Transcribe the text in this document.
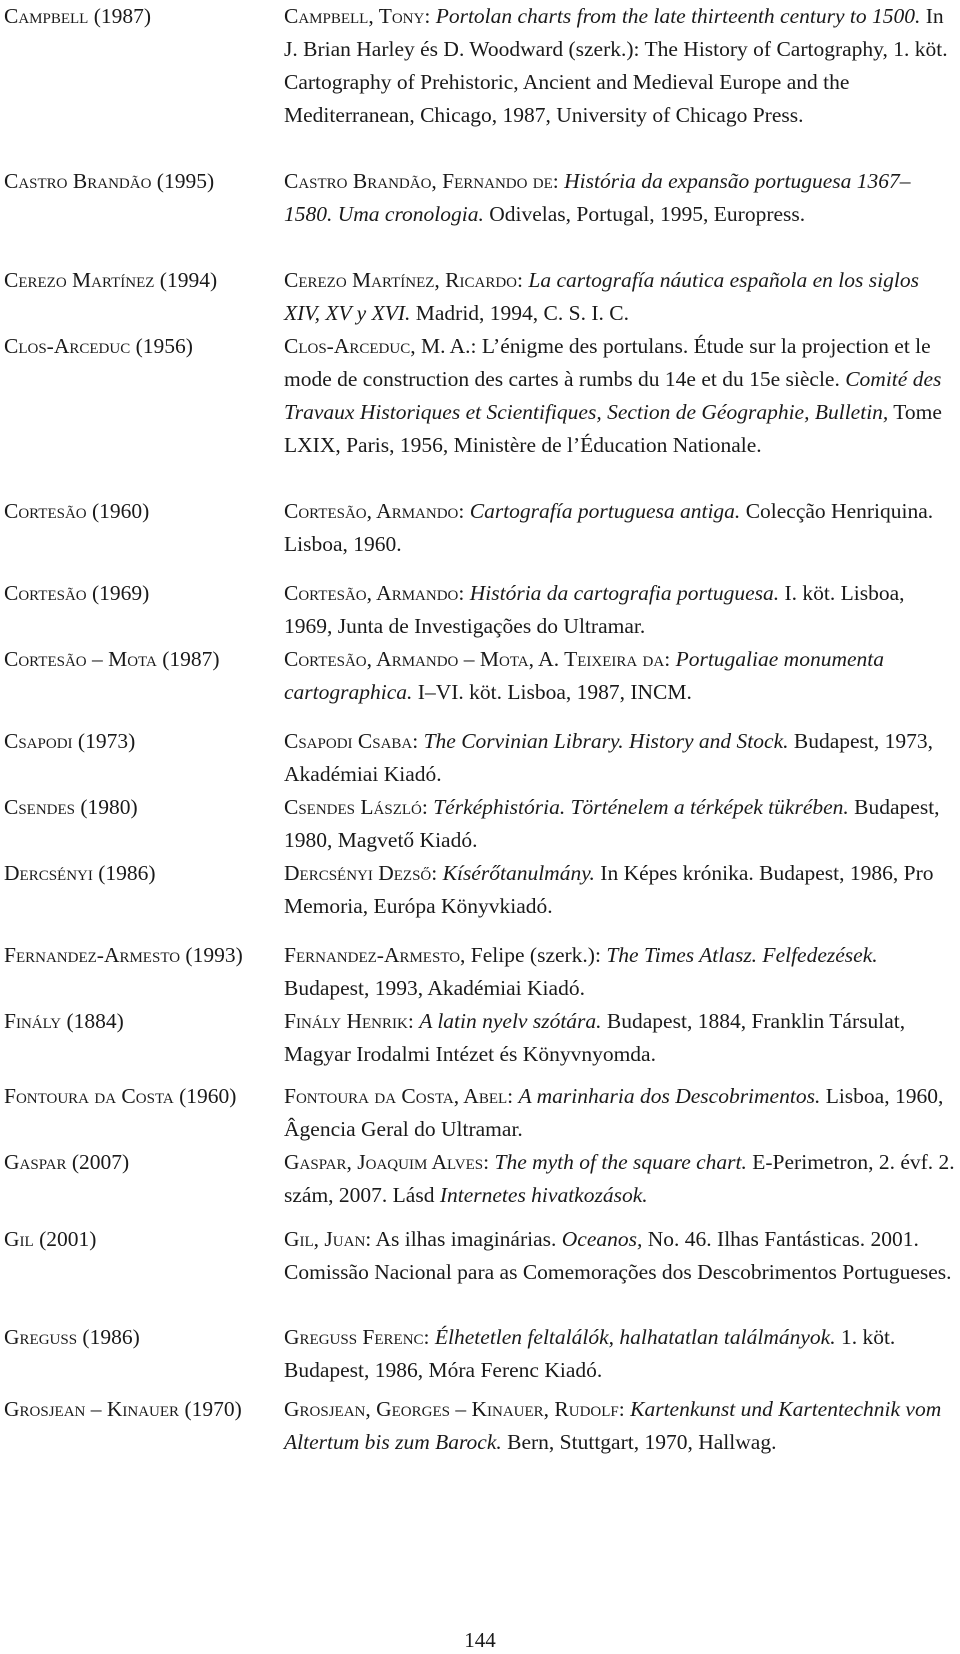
Campbell (1987)	Campbell, Tony: Portolan charts from the late thirteenth century to 1500. In J. Brian Harley és D. Woodward (szerk.): The History of Cartography, 1. köt. Cartography of Prehistoric, Ancient and Medieval Europe and the Mediterranean, Chicago, 1987, University of Chicago Press.
Castro Brandão (1995)	Castro Brandão, Fernando de: História da expansão portuguesa 1367–1580. Uma cronologia. Odivelas, Portugal, 1995, Europress.
Cerezo Martínez (1994)	Cerezo Martínez, Ricardo: La cartografía náutica española en los siglos XIV, XV y XVI. Madrid, 1994, C. S. I. C.
Clos-Arceduc (1956)	Clos-Arceduc, M. A.: L’énigme des portulans. Étude sur la projection et le mode de construction des cartes à rumbs du 14e et du 15e siècle. Comité des Travaux Historiques et Scientifiques, Section de Géographie, Bulletin, Tome LXIX, Paris, 1956, Ministère de l’Éducation Nationale.
Cortesão (1960)	Cortesão, Armando: Cartografía portuguesa antiga. Colecção Henriquina. Lisboa, 1960.
Cortesão (1969)	Cortesão, Armando: História da cartografia portuguesa. I. köt. Lisboa, 1969, Junta de Investigações do Ultramar.
Cortesão – Mota (1987)	Cortesão, Armando – Mota, A. Teixeira da: Portugaliae monumenta cartographica. I–VI. köt. Lisboa, 1987, INCM.
Csapodi (1973)	Csapodi Csaba: The Corvinian Library. History and Stock. Budapest, 1973, Akadémiai Kiadó.
Csendes (1980)	Csendes László: Térképhistória. Történelem a térképek tükrében. Budapest, 1980, Magvető Kiadó.
Dercsényi (1986)	Dercsényi Dezső: Kísérőtanulmány. In Képes krónika. Budapest, 1986, Pro Memoria, Európa Könyvkiadó.
Fernandez-Armesto (1993)	Fernandez-Armesto, Felipe (szerk.): The Times Atlasz. Felfedezések. Budapest, 1993, Akadémiai Kiadó.
Finály (1884)	Finály Henrik: A latin nyelv szótára. Budapest, 1884, Franklin Társulat, Magyar Irodalmi Intézet és Könyvnyomda.
Fontoura da Costa (1960)	Fontoura da Costa, Abel: A marinharia dos Descobrimentos. Lisboa, 1960, Âgencia Geral do Ultramar.
Gaspar (2007)	Gaspar, Joaquim Alves: The myth of the square chart. E-Perimetron, 2. évf. 2. szám, 2007. Lásd Internetes hivatkozások.
Gil (2001)	Gil, Juan: As ilhas imaginárias. Oceanos, No. 46. Ilhas Fantásticas. 2001. Comissão Nacional para as Comemorações dos Descobrimentos Portugueses.
Greguss (1986)	Greguss Ferenc: Élhetetlen feltalálók, halhatatlan találmányok. 1. köt. Budapest, 1986, Móra Ferenc Kiadó.
Grosjean – Kinauer (1970)	Grosjean, Georges – Kinauer, Rudolf: Kartenkunst und Kartentechnik vom Altertum bis zum Barock. Bern, Stuttgart, 1970, Hallwag.
144
